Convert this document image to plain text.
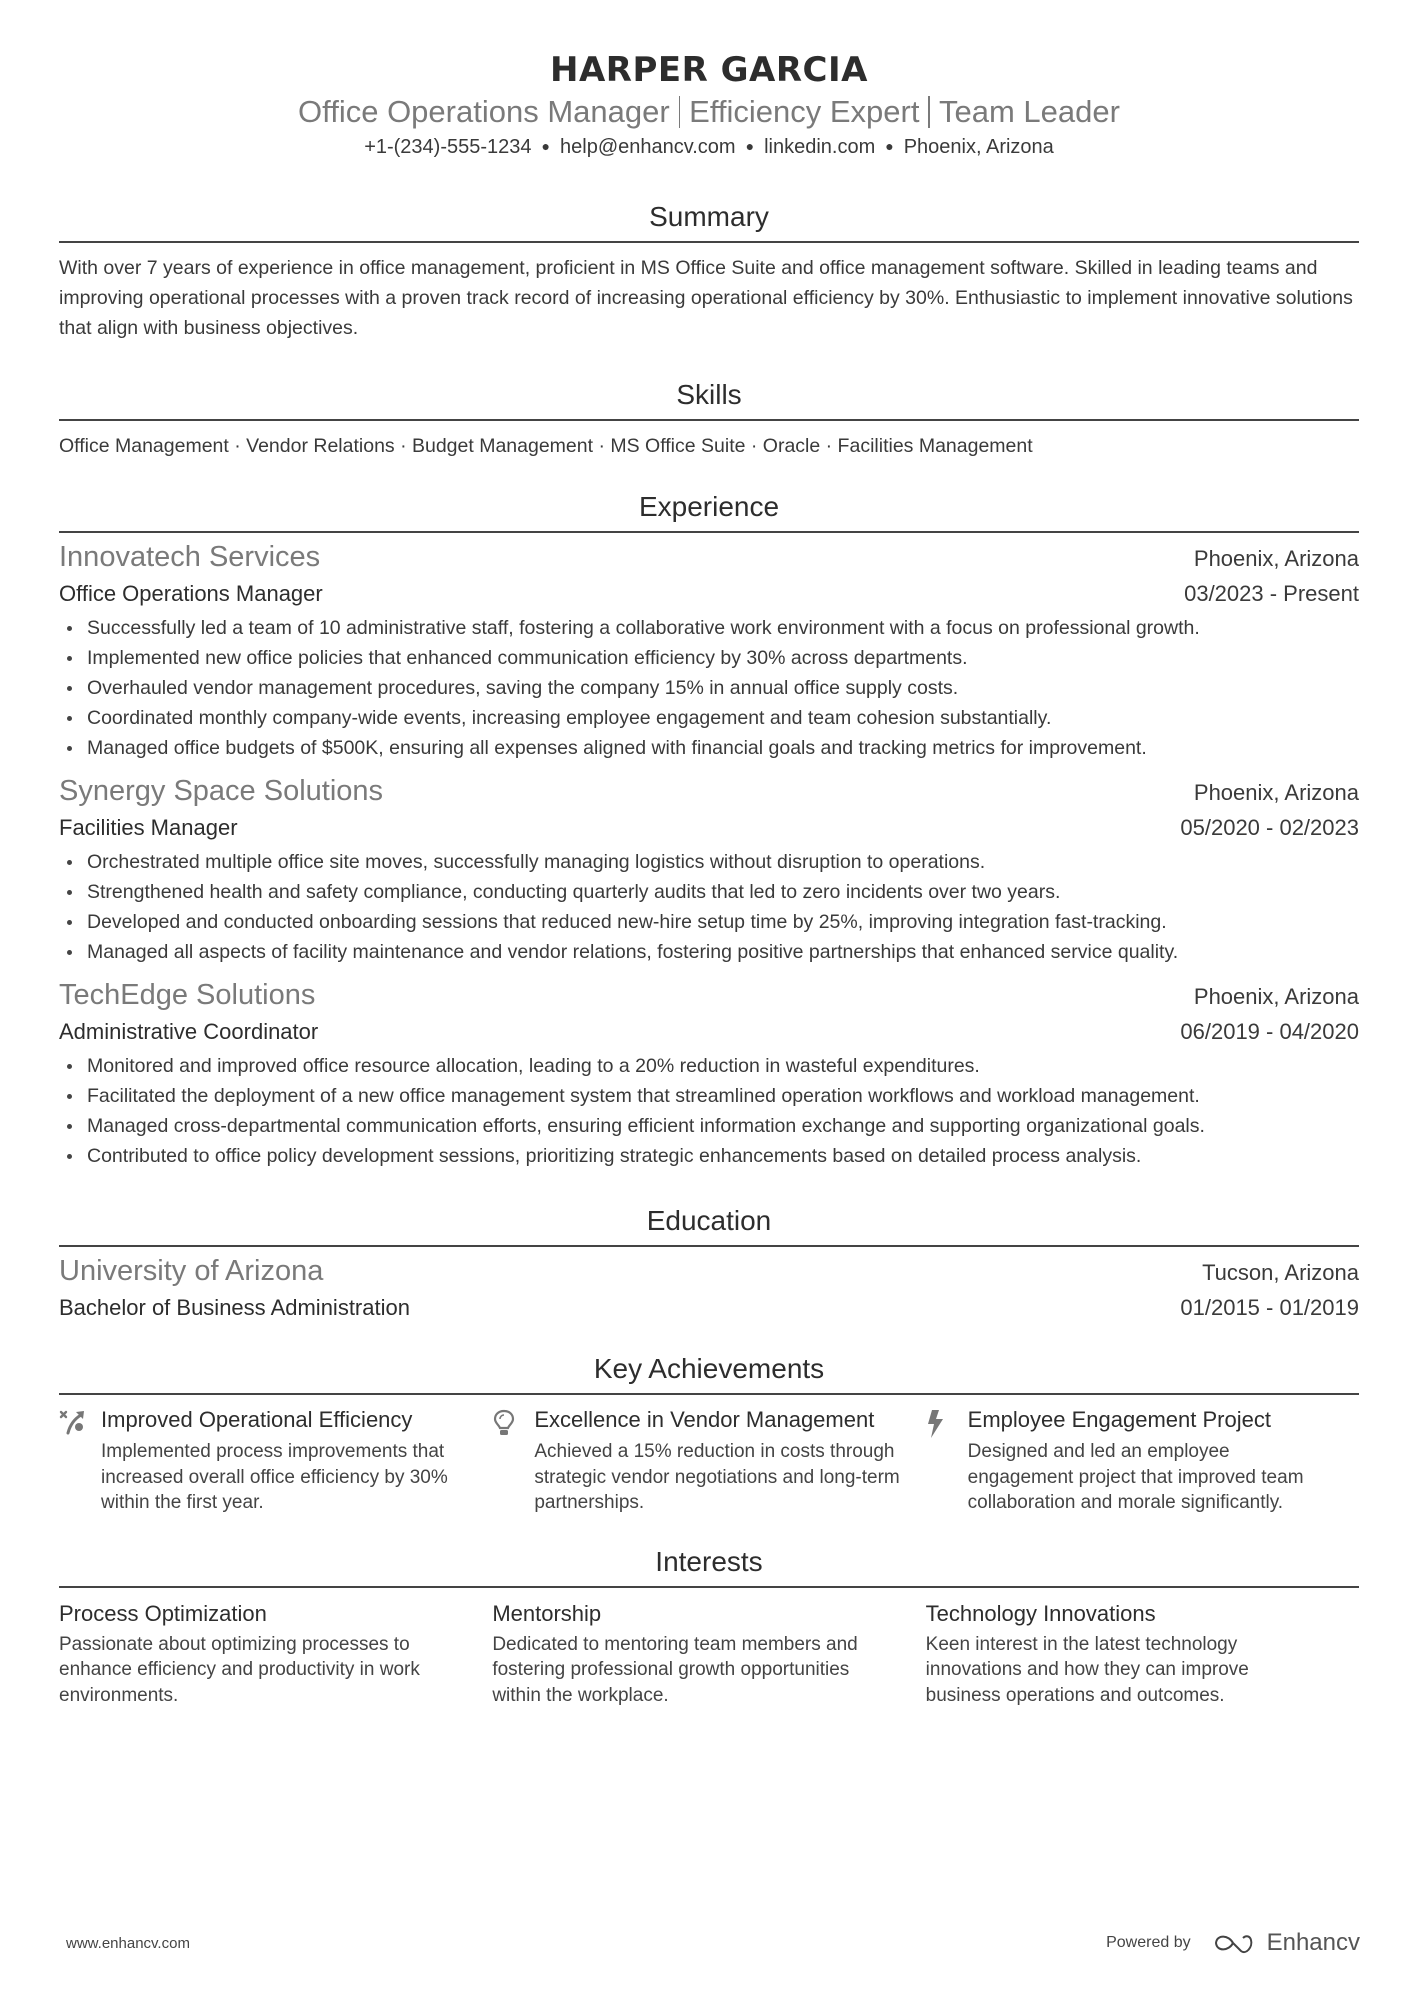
HARPER GARCIA
Office Operations Manager Efficiency Expert Team Leader
+1-(234)-555-1234 ● help@enhancv.com ● linkedin.com ● Phoenix, Arizona
Summary
With over 7 years of experience in office management, proficient in MS Office Suite and office management software. Skilled in leading teams and improving operational processes with a proven track record of increasing operational efficiency by 30%. Enthusiastic to implement innovative solutions that align with business objectives.
Skills
Office Management · Vendor Relations · Budget Management · MS Office Suite · Oracle · Facilities Management
Experience
Innovatech Services	Phoenix, Arizona
Office Operations Manager	03/2023 - Present
Successfully led a team of 10 administrative staff, fostering a collaborative work environment with a focus on professional growth.
Implemented new office policies that enhanced communication efficiency by 30% across departments.
Overhauled vendor management procedures, saving the company 15% in annual office supply costs.
Coordinated monthly company-wide events, increasing employee engagement and team cohesion substantially.
Managed office budgets of $500K, ensuring all expenses aligned with financial goals and tracking metrics for improvement.
Synergy Space Solutions	Phoenix, Arizona
Facilities Manager	05/2020 - 02/2023
Orchestrated multiple office site moves, successfully managing logistics without disruption to operations.
Strengthened health and safety compliance, conducting quarterly audits that led to zero incidents over two years.
Developed and conducted onboarding sessions that reduced new-hire setup time by 25%, improving integration fast-tracking.
Managed all aspects of facility maintenance and vendor relations, fostering positive partnerships that enhanced service quality.
TechEdge Solutions	Phoenix, Arizona
Administrative Coordinator	06/2019 - 04/2020
Monitored and improved office resource allocation, leading to a 20% reduction in wasteful expenditures.
Facilitated the deployment of a new office management system that streamlined operation workflows and workload management.
Managed cross-departmental communication efforts, ensuring efficient information exchange and supporting organizational goals.
Contributed to office policy development sessions, prioritizing strategic enhancements based on detailed process analysis.
Education
University of Arizona	Tucson, Arizona
Bachelor of Business Administration	01/2015 - 01/2019
Key Achievements
Improved Operational Efficiency
Implemented process improvements that increased overall office efficiency by 30% within the first year.
Excellence in Vendor Management
Achieved a 15% reduction in costs through strategic vendor negotiations and long-term partnerships.
Employee Engagement Project
Designed and led an employee engagement project that improved team collaboration and morale significantly.
Interests
Process Optimization
Passionate about optimizing processes to enhance efficiency and productivity in work environments.
Mentorship
Dedicated to mentoring team members and fostering professional growth opportunities within the workplace.
Technology Innovations
Keen interest in the latest technology innovations and how they can improve business operations and outcomes.
www.enhancv.com	Powered by	Enhancv
